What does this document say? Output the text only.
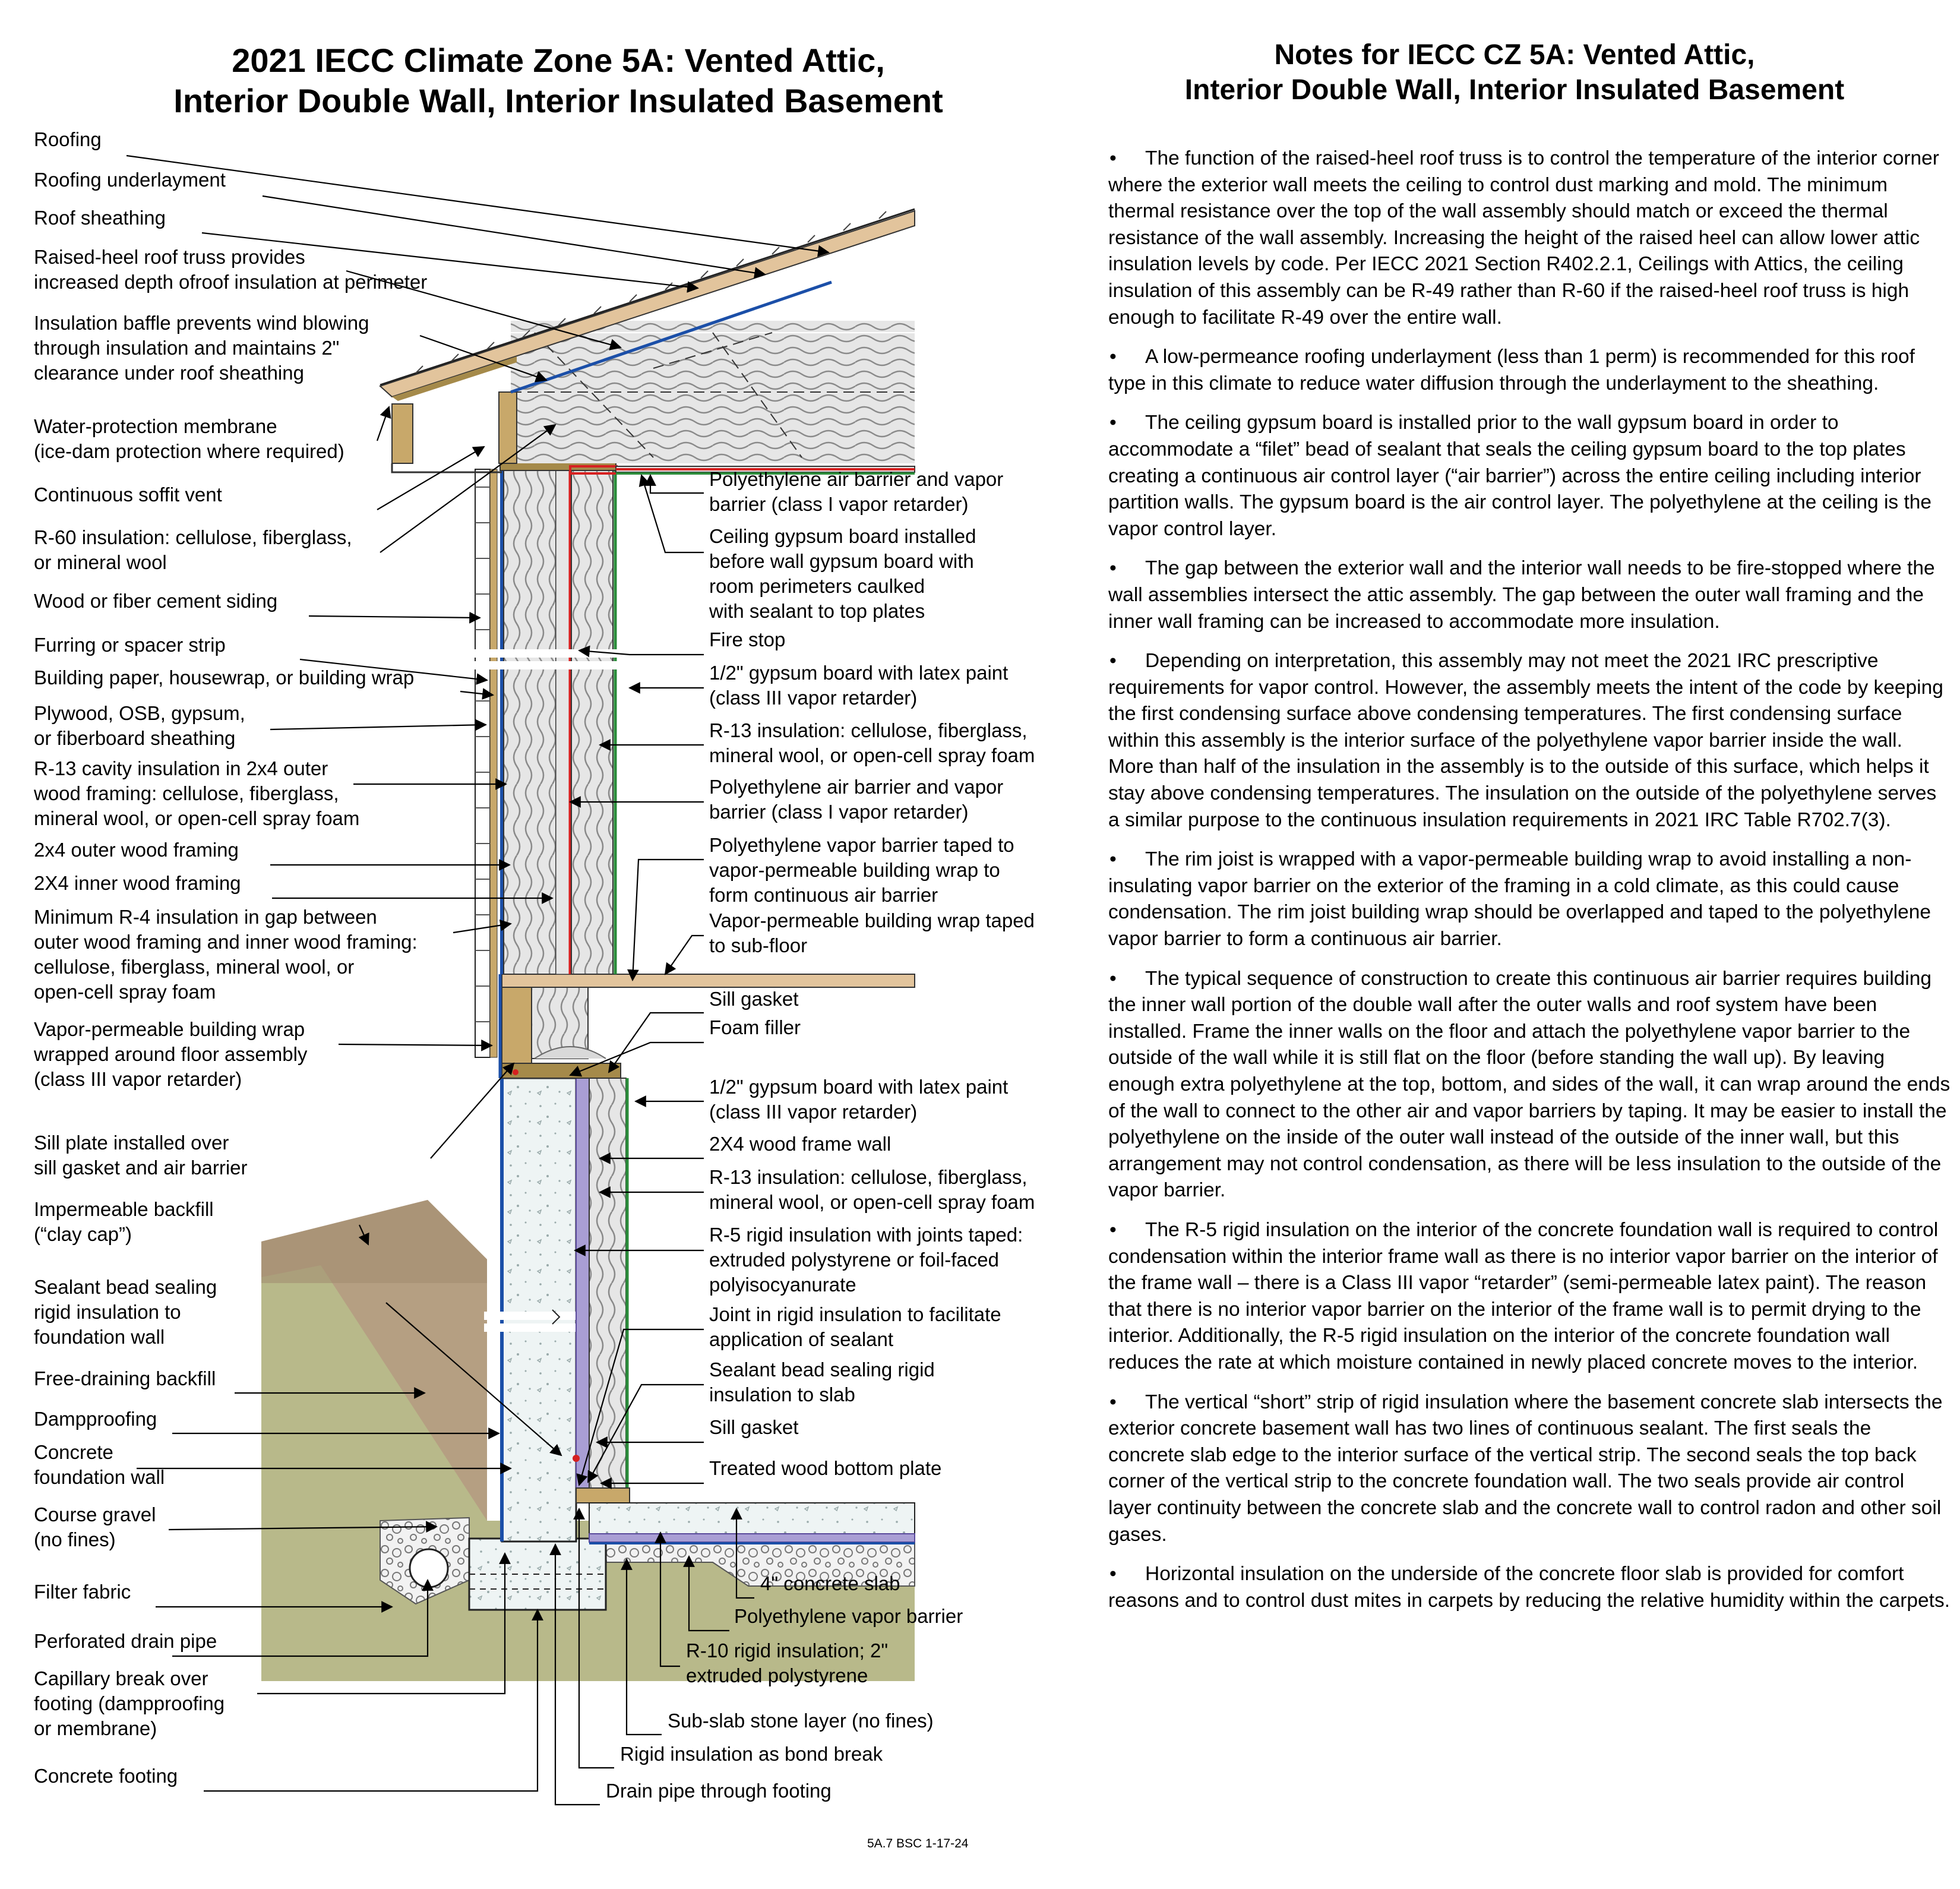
2021 IECC Climate Zone 5A: Vented Attic,
Interior Double Wall, Interior Insulated Basement
Notes for IECC CZ 5A: Vented Attic,
Interior Double Wall, Interior Insulated Basement
Roofing
Roofing underlayment
Roof sheathing
Raised-heel roof truss provides
increased depth ofroof insulation at perimeter
Insulation baffle prevents wind blowing
through insulation and maintains 2"
clearance under roof sheathing
Water-protection membrane
(ice-dam protection where required)
Continuous soffit vent
R-60 insulation: cellulose, fiberglass,
or mineral wool
Wood or fiber cement siding
Furring or spacer strip
Building paper, housewrap, or building wrap
Plywood, OSB, gypsum,
or fiberboard sheathing
R-13 cavity insulation in 2x4 outer
wood framing: cellulose, fiberglass,
mineral wool, or open-cell spray foam
2x4 outer wood framing
2X4 inner wood framing
Minimum R-4 insulation in gap between
outer wood framing and inner wood framing:
cellulose, fiberglass, mineral wool, or
open-cell spray foam
Vapor-permeable building wrap
wrapped around floor assembly
(class III vapor retarder)
Sill plate installed over
sill gasket and air barrier
Impermeable backfill
(“clay cap”)
Sealant bead sealing
rigid insulation to
foundation wall
Free-draining backfill
Dampproofing
Concrete
foundation wall
Course gravel
(no fines)
Filter fabric
Perforated drain pipe
Capillary break over
footing (dampproofing
or membrane)
Concrete footing
Polyethylene air barrier and vapor
barrier (class I vapor retarder)
Ceiling gypsum board installed
before wall gypsum board with
room perimeters caulked
with sealant to top plates
Fire stop
1/2" gypsum board with latex paint
(class III vapor retarder)
R-13 insulation: cellulose, fiberglass,
mineral wool, or open-cell spray foam
Polyethylene air barrier and vapor
barrier (class I vapor retarder)
Polyethylene vapor barrier taped to
vapor-permeable building wrap to
form continuous air barrier
Vapor-permeable building wrap taped
to sub-floor
Sill gasket
Foam filler
1/2" gypsum board with latex paint
(class III vapor retarder)
2X4 wood frame wall
R-13 insulation: cellulose, fiberglass,
mineral wool, or open-cell spray foam
R-5 rigid insulation with joints taped:
extruded polystyrene or foil-faced
polyisocyanurate
Joint in rigid insulation to facilitate
application of sealant
Sealant bead sealing rigid
insulation to slab
Sill gasket
Treated wood bottom plate
4" concrete slab
Polyethylene vapor barrier
R-10 rigid insulation; 2"
extruded polystyrene
Sub-slab stone layer (no fines)
Rigid insulation as bond break
Drain pipe through footing
• The function of the raised-heel roof truss is to control the temperature of the interior corner where the exterior wall meets the ceiling to control dust marking and mold. The minimum thermal resistance over the top of the wall assembly should match or exceed the thermal resistance of the wall assembly. Increasing the height of the raised heel can allow lower attic insulation levels by code. Per IECC 2021 Section R402.2.1, Ceilings with Attics, the ceiling insulation of this assembly can be R-49 rather than R-60 if the raised-heel roof truss is high enough to facilitate R-49 over the entire wall.
• A low-permeance roofing underlayment (less than 1 perm) is recommended for this roof type in this climate to reduce water diffusion through the underlayment to the sheathing.
• The ceiling gypsum board is installed prior to the wall gypsum board in order to accommodate a “filet” bead of sealant that seals the ceiling gypsum board to the top plates creating a continuous air control layer (“air barrier”) across the entire ceiling including interior partition walls. The gypsum board is the air control layer. The polyethylene at the ceiling is the vapor control layer.
• The gap between the exterior wall and the interior wall needs to be fire-stopped where the wall assemblies intersect the attic assembly. The gap between the outer wall framing and the inner wall framing can be increased to accommodate more insulation.
• Depending on interpretation, this assembly may not meet the 2021 IRC prescriptive requirements for vapor control. However, the assembly meets the intent of the code by keeping the first condensing surface above condensing temperatures. The first condensing surface within this assembly is the interior surface of the polyethylene vapor barrier inside the wall. More than half of the insulation in the assembly is to the outside of this surface, which helps it stay above condensing temperatures. The insulation on the outside of the polyethylene serves a similar purpose to the continuous insulation requirements in 2021 IRC Table R702.7(3).
• The rim joist is wrapped with a vapor-permeable building wrap to avoid installing a non-insulating vapor barrier on the exterior of the framing in a cold climate, as this could cause condensation. The rim joist building wrap should be overlapped and taped to the polyethylene vapor barrier to form a continuous air barrier.
• The typical sequence of construction to create this continuous air barrier requires building the inner wall portion of the double wall after the outer walls and roof system have been installed. Frame the inner walls on the floor and attach the polyethylene vapor barrier to the outside of the wall while it is still flat on the floor (before standing the wall up). By leaving enough extra polyethylene at the top, bottom, and sides of the wall, it can wrap around the ends of the wall to connect to the other air and vapor barriers by taping. It may be easier to install the polyethylene on the inside of the outer wall instead of the outside of the inner wall, but this arrangement may not control condensation, as there will be less insulation to the outside of the vapor barrier.
• The R-5 rigid insulation on the interior of the concrete foundation wall is required to control condensation within the interior frame wall as there is no interior vapor barrier on the interior of the frame wall – there is a Class III vapor “retarder” (semi-permeable latex paint). The reason that there is no interior vapor barrier on the interior of the frame wall is to permit drying to the interior. Additionally, the R-5 rigid insulation on the interior of the concrete foundation wall reduces the rate at which moisture contained in newly placed concrete moves to the interior.
• The vertical “short” strip of rigid insulation where the basement concrete slab intersects the exterior concrete basement wall has two lines of continuous sealant. The first seals the concrete slab edge to the interior surface of the vertical strip. The second seals the top back corner of the vertical strip to the concrete foundation wall. The two seals provide air control layer continuity between the concrete slab and the concrete wall to control radon and other soil gases.
• Horizontal insulation on the underside of the concrete floor slab is provided for comfort reasons and to control dust mites in carpets by reducing the relative humidity within the carpets.
5A.7 BSC 1-17-24
